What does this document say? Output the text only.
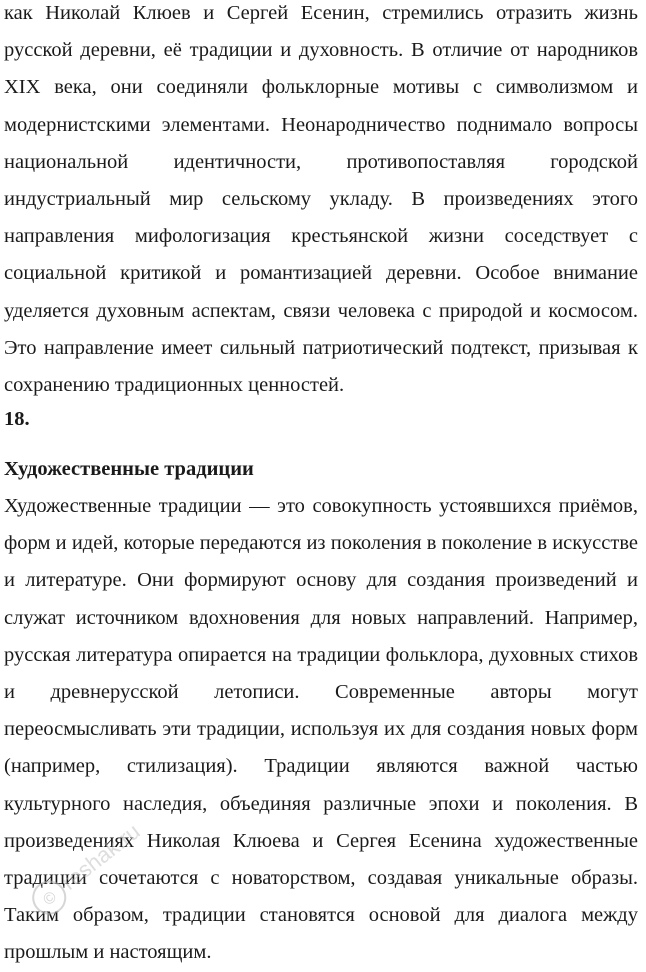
как Николай Клюев и Сергей Есенин, стремились отразить жизнь русской деревни, её традиции и духовность. В отличие от народников XIX века, они соединяли фольклорные мотивы с символизмом и модернистскими элементами. Неонародничество поднимало вопросы национальной идентичности, противопоставляя городской индустриальный мир сельскому укладу. В произведениях этого направления мифологизация крестьянской жизни соседствует с социальной критикой и романтизацией деревни. Особое внимание уделяется духовным аспектам, связи человека с природой и космосом. Это направление имеет сильный патриотический подтекст, призывая к сохранению традиционных ценностей.

18.
Художественные традиции

Художественные традиции — это совокупность устоявшихся приёмов, форм и идей, которые передаются из поколения в поколение в искусстве и литературе. Они формируют основу для создания произведений и служат источником вдохновения для новых направлений. Например, русская литература опирается на традиции фольклора, духовных стихов и древнерусской летописи. Современные авторы могут переосмысливать эти традиции, используя их для создания новых форм (например, стилизация). Традиции являются важной частью культурного наследия, объединяя различные эпохи и поколения. В произведениях Николая Клюева и Сергея Есенина художественные традиции сочетаются с новаторством, создавая уникальные образы. Таким образом, традиции становятся основой для диалога между прошлым и настоящим.

©
reshak.ru
